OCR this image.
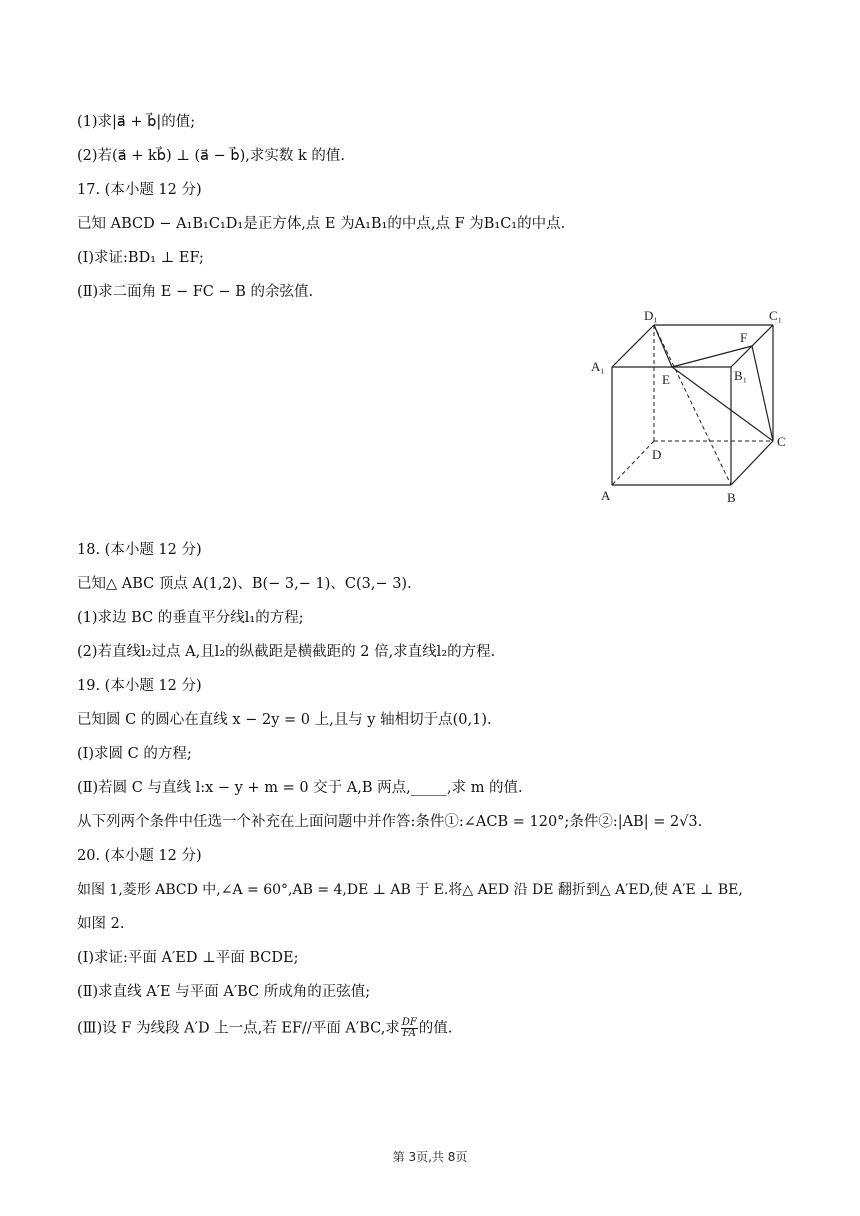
(1)求|a⃗ + b⃗|的值;
(2)若(a⃗ + kb⃗) ⊥ (a⃗ − b⃗),求实数 k 的值.
17. (本小题 12 分)
已知 ABCD − A₁B₁C₁D₁是正方体,点 E 为A₁B₁的中点,点 F 为B₁C₁的中点.
(Ⅰ)求证:BD₁ ⊥ EF;
(Ⅱ)求二面角 E − FC − B 的余弦值.
D₁	C₁
A₁
B₁
E
F
D
C
A	B
18. (本小题 12 分)
已知△ ABC 顶点 A(1,2)、B(− 3,− 1)、C(3,− 3).
(1)求边 BC 的垂直平分线l₁的方程;
(2)若直线l₂过点 A,且l₂的纵截距是横截距的 2 倍,求直线l₂的方程.
19. (本小题 12 分)
已知圆 C 的圆心在直线 x − 2y = 0 上,且与 y 轴相切于点(0,1).
(Ⅰ)求圆 C 的方程;
(Ⅱ)若圆 C 与直线 l:x − y + m = 0 交于 A,B 两点,_____,求 m 的值.
从下列两个条件中任选一个补充在上面问题中并作答:条件①:∠ACB = 120°;条件②:|AB| = 2√3.
20. (本小题 12 分)
如图 1,菱形 ABCD 中,∠A = 60°,AB = 4,DE ⊥ AB 于 E.将△ AED 沿 DE 翻折到△ A′ED,使 A′E ⊥ BE,
如图 2.
(Ⅰ)求证:平面 A′ED ⊥平面 BCDE;
(Ⅱ)求直线 A′E 与平面 A′BC 所成角的正弦值;
(Ⅲ)设 F 为线段 A′D 上一点,若 EF//平面 A′BC,求 $\frac{DF}{FA}$ 的值.
第 3页,共 8页
